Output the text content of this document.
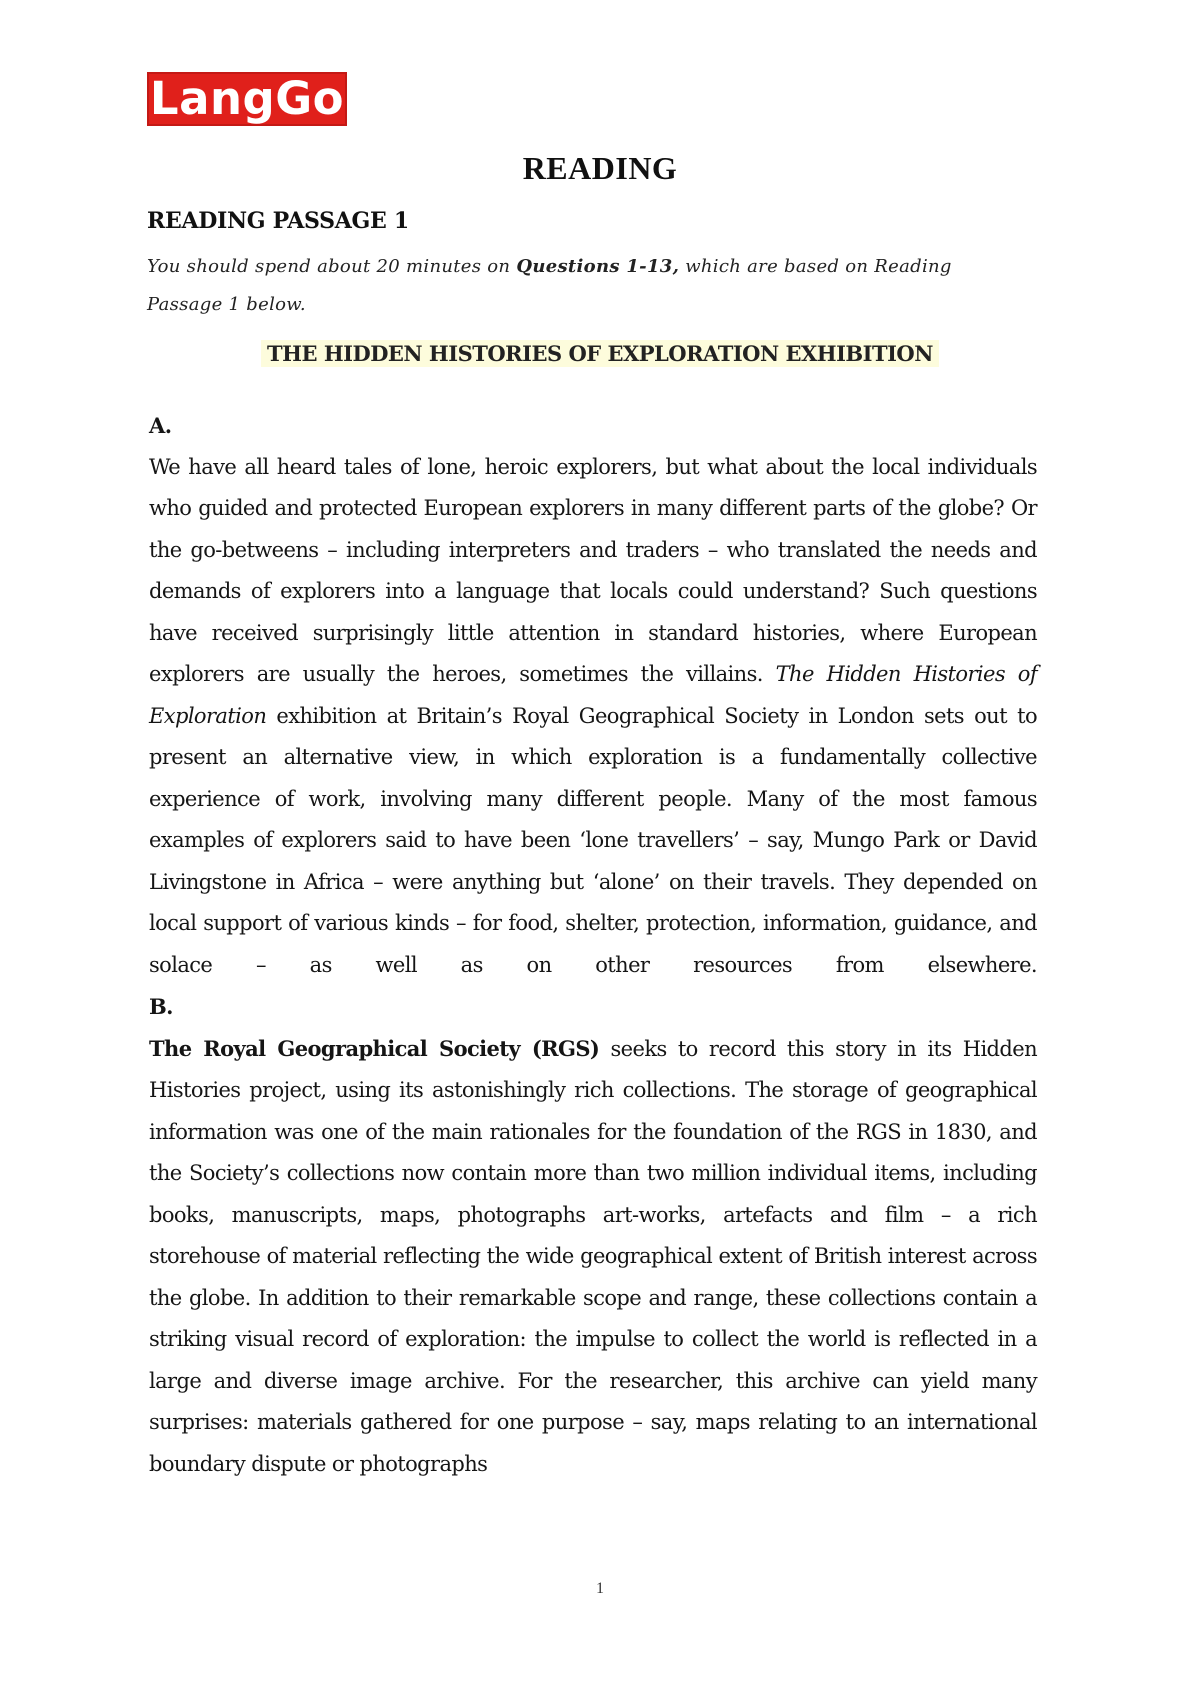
LangGo
READING
READING PASSAGE 1
You should spend about 20 minutes on Questions 1-13, which are based on Reading Passage 1 below.
THE HIDDEN HISTORIES OF EXPLORATION EXHIBITION
A.

We have all heard tales of lone, heroic explorers, but what about the local individuals who guided and protected European explorers in many different parts of the globe? Or the go-betweens – including interpreters and traders – who translated the needs and demands of explorers into a language that locals could understand? Such questions have received surprisingly little attention in standard histories, where European explorers are usually the heroes, sometimes the villains. The Hidden Histories of Exploration exhibition at Britain’s Royal Geographical Society in London sets out to present an alternative view, in which exploration is a fundamentally collective experience of work, involving many different people. Many of the most famous examples of explorers said to have been ‘lone travellers’ – say, Mungo Park or David Livingstone in Africa – were anything but ‘alone’ on their travels. They depended on local support of various kinds – for food, shelter, protection, information, guidance, and solace – as well as on other resources from elsewhere.

B.

The Royal Geographical Society (RGS) seeks to record this story in its Hidden Histories project, using its astonishingly rich collections. The storage of geographical information was one of the main rationales for the foundation of the RGS in 1830, and the Society’s collections now contain more than two million individual items, including books, manuscripts, maps, photographs art-works, artefacts and film – a rich storehouse of material reflecting the wide geographical extent of British interest across the globe. In addition to their remarkable scope and range, these collections contain a striking visual record of exploration: the impulse to collect the world is reflected in a large and diverse image archive. For the researcher, this archive can yield many surprises: materials gathered for one purpose – say, maps relating to an international boundary dispute or photographs

1
